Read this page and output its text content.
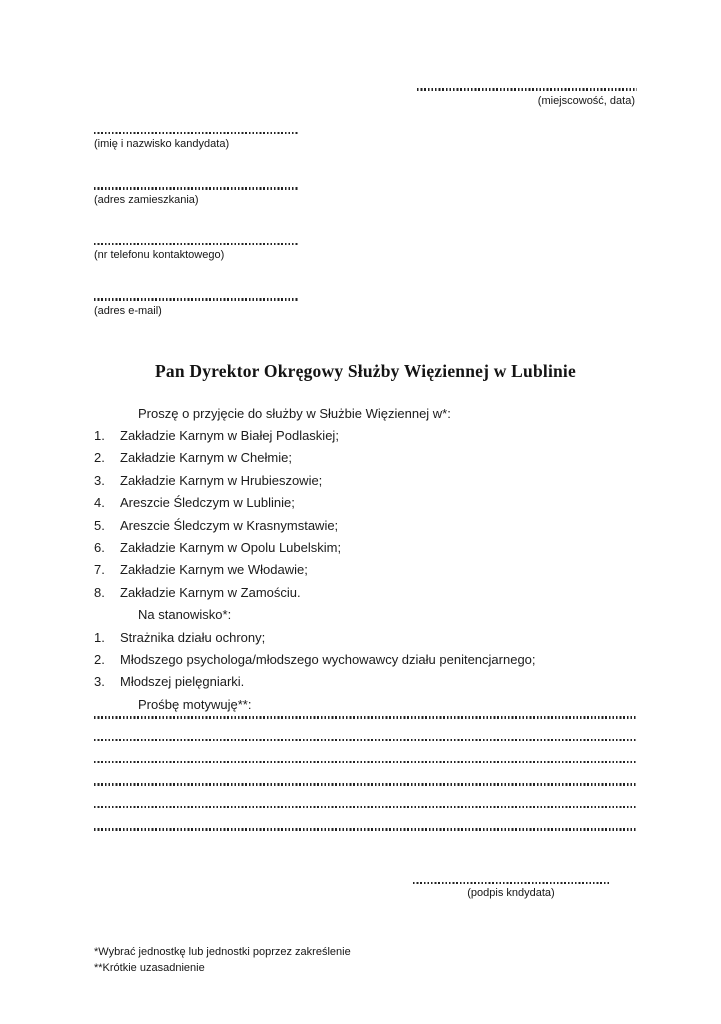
(miejscowość, data)
(imię i nazwisko kandydata)
(adres zamieszkania)
(nr telefonu kontaktowego)
(adres e-mail)
Pan Dyrektor Okręgowy Służby Więziennej w Lublinie
Proszę o przyjęcie do służby w Służbie Więziennej w*:
1.	Zakładzie Karnym w Białej Podlaskiej;
2.	Zakładzie Karnym w Chełmie;
3.	Zakładzie Karnym w Hrubieszowie;
4.	Areszcie Śledczym w Lublinie;
5.	Areszcie Śledczym w Krasnymstawie;
6.	Zakładzie Karnym w Opolu Lubelskim;
7.	Zakładzie Karnym we Włodawie;
8.	Zakładzie Karnym w Zamościu.
Na stanowisko*:
1.	Strażnika działu ochrony;
2.	Młodszego psychologa/młodszego wychowawcy działu penitencjarnego;
3.	Młodszej pielęgniarki.
Prośbę motywuję**:
(podpis kndydata)
*Wybrać jednostkę lub jednostki poprzez zakreślenie
**Krótkie uzasadnienie
